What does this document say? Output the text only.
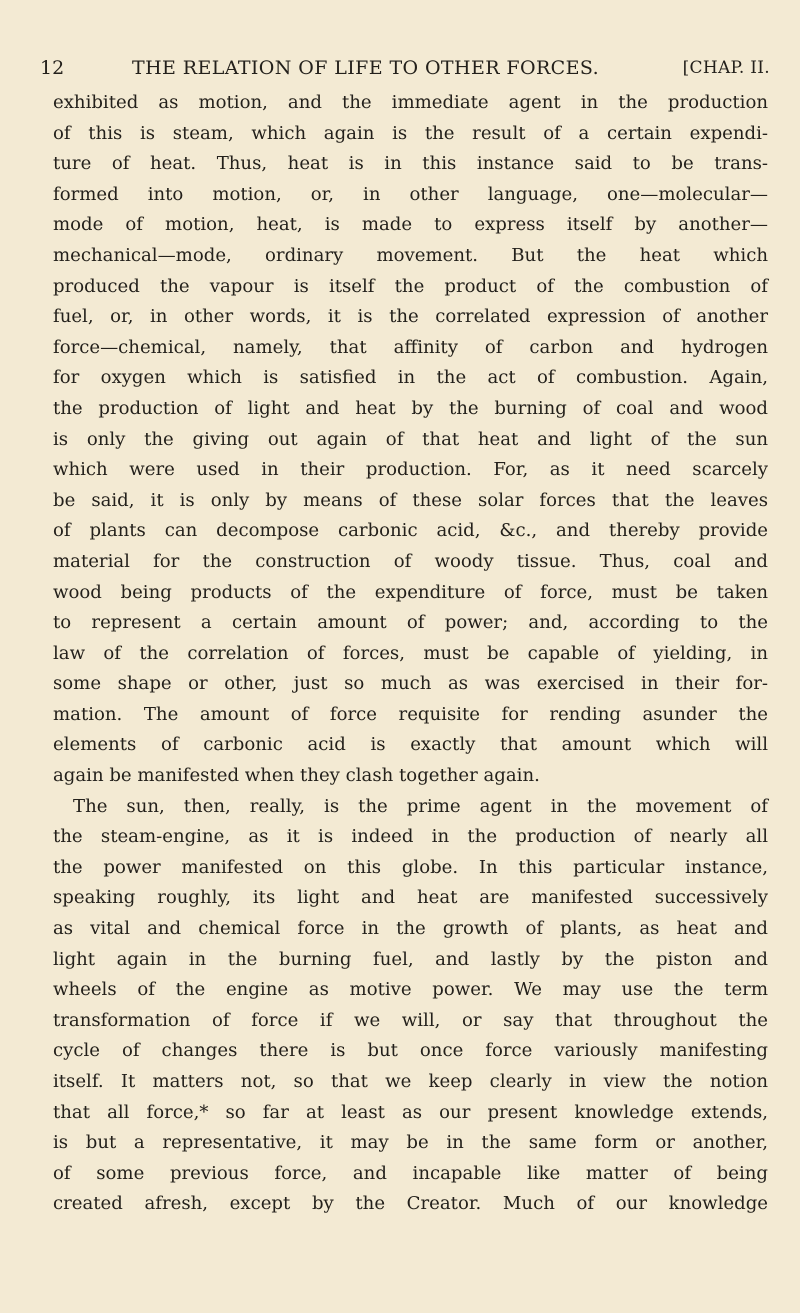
12	THE RELATION OF LIFE TO OTHER FORCES.	[CHAP. II.
exhibited as motion, and the immediate agent in the production
of this is steam, which again is the result of a certain expendi-
ture of heat. Thus, heat is in this instance said to be trans-
formed into motion, or, in other language, one—molecular—
mode of motion, heat, is made to express itself by another—
mechanical—mode, ordinary movement. But the heat which
produced the vapour is itself the product of the combustion of
fuel, or, in other words, it is the correlated expression of another
force—chemical, namely, that affinity of carbon and hydrogen
for oxygen which is satisfied in the act of combustion. Again,
the production of light and heat by the burning of coal and wood
is only the giving out again of that heat and light of the sun
which were used in their production. For, as it need scarcely
be said, it is only by means of these solar forces that the leaves
of plants can decompose carbonic acid, &c., and thereby provide
material for the construction of woody tissue. Thus, coal and
wood being products of the expenditure of force, must be taken
to represent a certain amount of power; and, according to the
law of the correlation of forces, must be capable of yielding, in
some shape or other, just so much as was exercised in their for-
mation. The amount of force requisite for rending asunder the
elements of carbonic acid is exactly that amount which will
again be manifested when they clash together again.
The sun, then, really, is the prime agent in the movement of
the steam-engine, as it is indeed in the production of nearly all
the power manifested on this globe. In this particular instance,
speaking roughly, its light and heat are manifested successively
as vital and chemical force in the growth of plants, as heat and
light again in the burning fuel, and lastly by the piston and
wheels of the engine as motive power. We may use the term
transformation of force if we will, or say that throughout the
cycle of changes there is but once force variously manifesting
itself. It matters not, so that we keep clearly in view the notion
that all force,* so far at least as our present knowledge extends,
is but a representative, it may be in the same form or another,
of some previous force, and incapable like matter of being
created afresh, except by the Creator. Much of our knowledge
